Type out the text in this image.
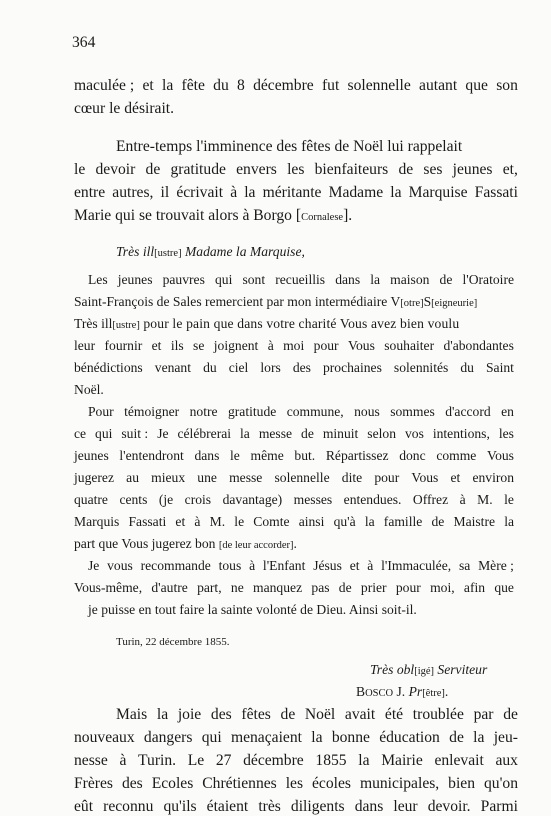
364
maculée ; et la fête du 8 décembre fut solennelle autant que son
cœur le désirait.
Entre-temps l'imminence des fêtes de Noël lui rappelait
le devoir de gratitude envers les bienfaiteurs de ses jeunes et,
entre autres, il écrivait à la méritante Madame la Marquise Fassati
Marie qui se trouvait alors à Borgo [Cornalese].
Très ill[ustre] Madame la Marquise,
Les jeunes pauvres qui sont recueillis dans la maison de l'Oratoire
Saint-François de Sales remercient par mon intermédiaire V[otre]S[eigneurie]
Très ill[ustre] pour le pain que dans votre charité Vous avez bien voulu
leur fournir et ils se joignent à moi pour Vous souhaiter d'abondantes
bénédictions venant du ciel lors des prochaines solennités du Saint
Noël.
Pour témoigner notre gratitude commune, nous sommes d'accord en
ce qui suit : Je célébrerai la messe de minuit selon vos intentions, les
jeunes l'entendront dans le même but. Répartissez donc comme Vous
jugerez au mieux une messe solennelle dite pour Vous et environ
quatre cents (je crois davantage) messes entendues. Offrez à M. le
Marquis Fassati et à M. le Comte ainsi qu'à la famille de Maistre la
part que Vous jugerez bon [de leur accorder].
Je vous recommande tous à l'Enfant Jésus et à l'Immaculée, sa Mère ;
Vous-même, d'autre part, ne manquez pas de prier pour moi, afin que
je puisse en tout faire la sainte volonté de Dieu. Ainsi soit-il.
Turin, 22 décembre 1855.
Très obl[igé] Serviteur
BOSCO J. Pr[être].
Mais la joie des fêtes de Noël avait été troublée par de
nouveaux dangers qui menaçaient la bonne éducation de la jeu-
nesse à Turin. Le 27 décembre 1855 la Mairie enlevait aux
Frères des Ecoles Chrétiennes les écoles municipales, bien qu'on
eût reconnu qu'ils étaient très diligents dans leur devoir. Parmi
